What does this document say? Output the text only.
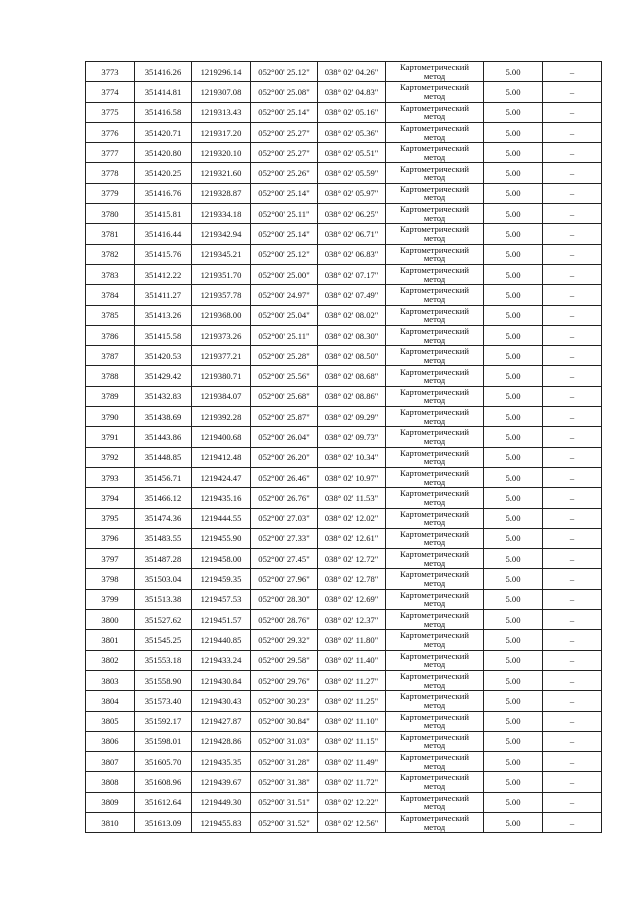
3773	351416.26	1219296.14	052°00' 25.12"	038° 02' 04.26"	Картометрический
метод	5.00	–
3774	351414.81	1219307.08	052°00' 25.08"	038° 02' 04.83"	Картометрический
метод	5.00	–
3775	351416.58	1219313.43	052°00' 25.14"	038° 02' 05.16"	Картометрический
метод	5.00	–
3776	351420.71	1219317.20	052°00' 25.27"	038° 02' 05.36"	Картометрический
метод	5.00	–
3777	351420.80	1219320.10	052°00' 25.27"	038° 02' 05.51"	Картометрический
метод	5.00	–
3778	351420.25	1219321.60	052°00' 25.26"	038° 02' 05.59"	Картометрический
метод	5.00	–
3779	351416.76	1219328.87	052°00' 25.14"	038° 02' 05.97"	Картометрический
метод	5.00	–
3780	351415.81	1219334.18	052°00' 25.11"	038° 02' 06.25"	Картометрический
метод	5.00	–
3781	351416.44	1219342.94	052°00' 25.14"	038° 02' 06.71"	Картометрический
метод	5.00	–
3782	351415.76	1219345.21	052°00' 25.12"	038° 02' 06.83"	Картометрический
метод	5.00	–
3783	351412.22	1219351.70	052°00' 25.00"	038° 02' 07.17"	Картометрический
метод	5.00	–
3784	351411.27	1219357.78	052°00' 24.97"	038° 02' 07.49"	Картометрический
метод	5.00	–
3785	351413.26	1219368.00	052°00' 25.04"	038° 02' 08.02"	Картометрический
метод	5.00	–
3786	351415.58	1219373.26	052°00' 25.11"	038° 02' 08.30"	Картометрический
метод	5.00	–
3787	351420.53	1219377.21	052°00' 25.28"	038° 02' 08.50"	Картометрический
метод	5.00	–
3788	351429.42	1219380.71	052°00' 25.56"	038° 02' 08.68"	Картометрический
метод	5.00	–
3789	351432.83	1219384.07	052°00' 25.68"	038° 02' 08.86"	Картометрический
метод	5.00	–
3790	351438.69	1219392.28	052°00' 25.87"	038° 02' 09.29"	Картометрический
метод	5.00	–
3791	351443.86	1219400.68	052°00' 26.04"	038° 02' 09.73"	Картометрический
метод	5.00	–
3792	351448.85	1219412.48	052°00' 26.20"	038° 02' 10.34"	Картометрический
метод	5.00	–
3793	351456.71	1219424.47	052°00' 26.46"	038° 02' 10.97"	Картометрический
метод	5.00	–
3794	351466.12	1219435.16	052°00' 26.76"	038° 02' 11.53"	Картометрический
метод	5.00	–
3795	351474.36	1219444.55	052°00' 27.03"	038° 02' 12.02"	Картометрический
метод	5.00	–
3796	351483.55	1219455.90	052°00' 27.33"	038° 02' 12.61"	Картометрический
метод	5.00	–
3797	351487.28	1219458.00	052°00' 27.45"	038° 02' 12.72"	Картометрический
метод	5.00	–
3798	351503.04	1219459.35	052°00' 27.96"	038° 02' 12.78"	Картометрический
метод	5.00	–
3799	351513.38	1219457.53	052°00' 28.30"	038° 02' 12.69"	Картометрический
метод	5.00	–
3800	351527.62	1219451.57	052°00' 28.76"	038° 02' 12.37"	Картометрический
метод	5.00	–
3801	351545.25	1219440.85	052°00' 29.32"	038° 02' 11.80"	Картометрический
метод	5.00	–
3802	351553.18	1219433.24	052°00' 29.58"	038° 02' 11.40"	Картометрический
метод	5.00	–
3803	351558.90	1219430.84	052°00' 29.76"	038° 02' 11.27"	Картометрический
метод	5.00	–
3804	351573.40	1219430.43	052°00' 30.23"	038° 02' 11.25"	Картометрический
метод	5.00	–
3805	351592.17	1219427.87	052°00' 30.84"	038° 02' 11.10"	Картометрический
метод	5.00	–
3806	351598.01	1219428.86	052°00' 31.03"	038° 02' 11.15"	Картометрический
метод	5.00	–
3807	351605.70	1219435.35	052°00' 31.28"	038° 02' 11.49"	Картометрический
метод	5.00	–
3808	351608.96	1219439.67	052°00' 31.38"	038° 02' 11.72"	Картометрический
метод	5.00	–
3809	351612.64	1219449.30	052°00' 31.51"	038° 02' 12.22"	Картометрический
метод	5.00	–
3810	351613.09	1219455.83	052°00' 31.52"	038° 02' 12.56"	Картометрический
метод	5.00	–
